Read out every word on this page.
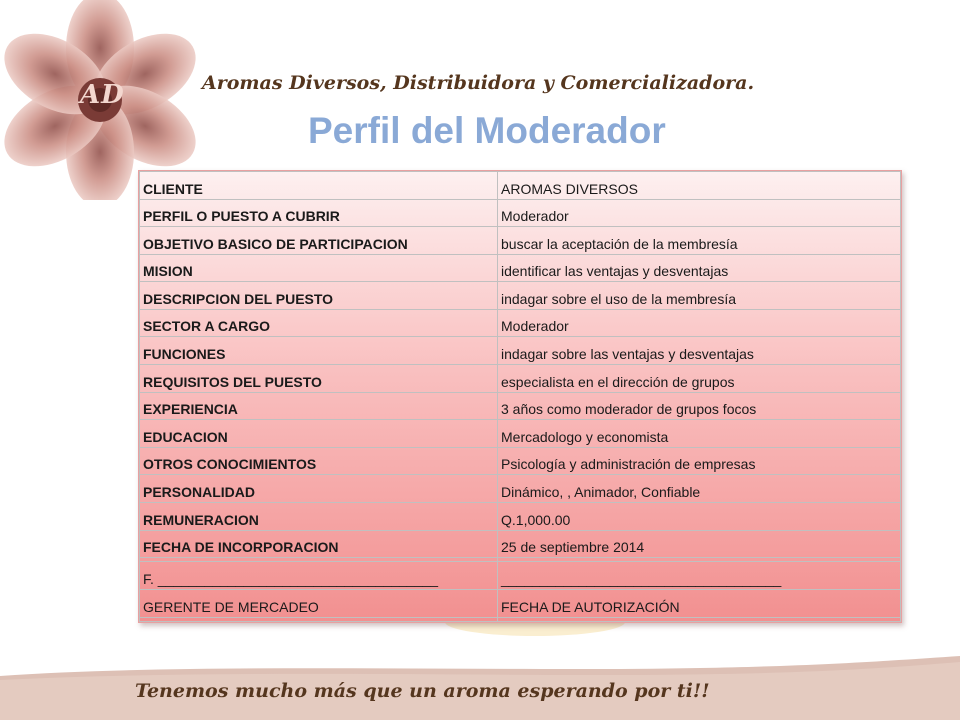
AD	Aromas Diversos, Distribuidora y Comercializadora.
Perfil del Moderador
CLIENTE	AROMAS DIVERSOS
PERFIL O PUESTO A CUBRIR	Moderador
OBJETIVO BASICO DE PARTICIPACION	buscar la aceptación de la membresía
MISION	identificar las ventajas y desventajas
DESCRIPCION DEL PUESTO	indagar sobre el uso de la membresía
SECTOR A CARGO	Moderador
FUNCIONES	indagar sobre las ventajas y desventajas
REQUISITOS DEL PUESTO	especialista en el dirección de grupos
EXPERIENCIA	3 años como moderador de grupos focos
EDUCACION	Mercadologo y economista
OTROS CONOCIMIENTOS	Psicología y administración de empresas
PERSONALIDAD	Dinámico, , Animador, Confiable
REMUNERACION	Q.1,000.00
FECHA DE INCORPORACION	25 de septiembre 2014

F. ____________________________________	____________________________________
GERENTE DE MERCADEO	FECHA DE AUTORIZACIÓN

Tenemos mucho más que un aroma esperando por ti!!
